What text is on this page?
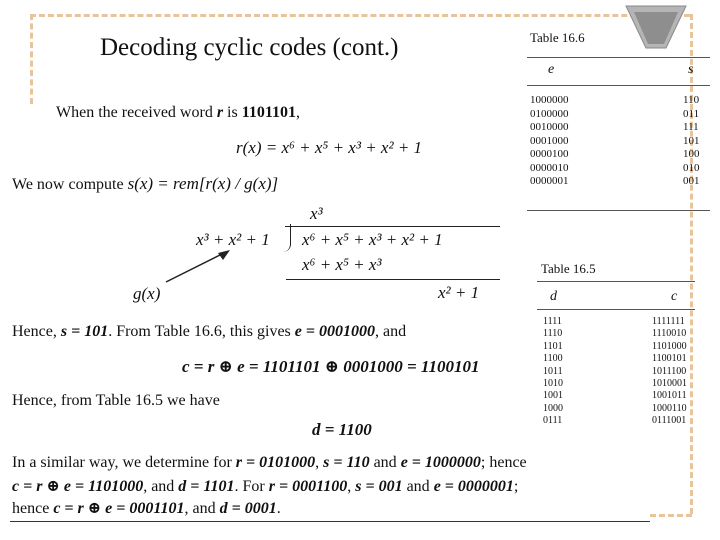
Decoding cyclic codes (cont.)
When the received word r is 1101101,
r(x) = x⁶ + x⁵ + x³ + x² + 1
We now compute s(x) = rem[r(x) / g(x)]
x³
x³ + x² + 1 x⁶ + x⁵ + x³ + x² + 1
x⁶ + x⁵ + x³
x² + 1
g(x)
Hence, s = 101. From Table 16.6, this gives e = 0001000, and
c = r ⊕ e = 1101101 ⊕ 0001000 = 1100101
Hence, from Table 16.5 we have
d = 1100
In a similar way, we determine for r = 0101000, s = 110 and e = 1000000; hence
c = r ⊕ e = 1101000, and d = 1101. For r = 0001100, s = 001 and e = 0000001;
hence c = r ⊕ e = 0001101, and d = 0001.
Table 16.6
e	s
1000000
0100000
0010000
0001000
0000100
0000010
0000001
110
011
111
101
100
010
001
Table 16.5
d	c
1111
1110
1101
1100
1011
1010
1001
1000
0111
1111111
1110010
1101000
1100101
1011100
1010001
1001011
1000110
0111001
